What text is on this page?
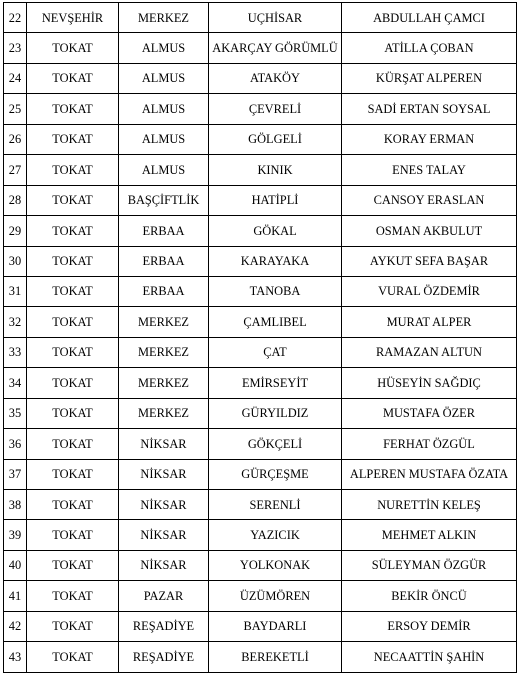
22	NEVŞEHİR	MERKEZ	UÇHİSAR	ABDULLAH ÇAMCI
23	TOKAT	ALMUS	AKARÇAY GÖRÜMLÜ	ATİLLA ÇOBAN
24	TOKAT	ALMUS	ATAKÖY	KÜRŞAT ALPEREN
25	TOKAT	ALMUS	ÇEVRELİ	SADİ ERTAN SOYSAL
26	TOKAT	ALMUS	GÖLGELİ	KORAY ERMAN
27	TOKAT	ALMUS	KINIK	ENES TALAY
28	TOKAT	BAŞÇİFTLİK	HATİPLİ	CANSOY ERASLAN
29	TOKAT	ERBAA	GÖKAL	OSMAN AKBULUT
30	TOKAT	ERBAA	KARAYAKA	AYKUT SEFA BAŞAR
31	TOKAT	ERBAA	TANOBA	VURAL ÖZDEMİR
32	TOKAT	MERKEZ	ÇAMLIBEL	MURAT ALPER
33	TOKAT	MERKEZ	ÇAT	RAMAZAN ALTUN
34	TOKAT	MERKEZ	EMİRSEYİT	HÜSEYİN SAĞDIÇ
35	TOKAT	MERKEZ	GÜRYILDIZ	MUSTAFA ÖZER
36	TOKAT	NİKSAR	GÖKÇELİ	FERHAT ÖZGÜL
37	TOKAT	NİKSAR	GÜRÇEŞME	ALPEREN MUSTAFA ÖZATA
38	TOKAT	NİKSAR	SERENLİ	NURETTİN KELEŞ
39	TOKAT	NİKSAR	YAZICIK	MEHMET ALKIN
40	TOKAT	NİKSAR	YOLKONAK	SÜLEYMAN ÖZGÜR
41	TOKAT	PAZAR	ÜZÜMÖREN	BEKİR ÖNCÜ
42	TOKAT	REŞADİYE	BAYDARLI	ERSOY DEMİR
43	TOKAT	REŞADİYE	BEREKETLİ	NECAATTİN ŞAHİN
